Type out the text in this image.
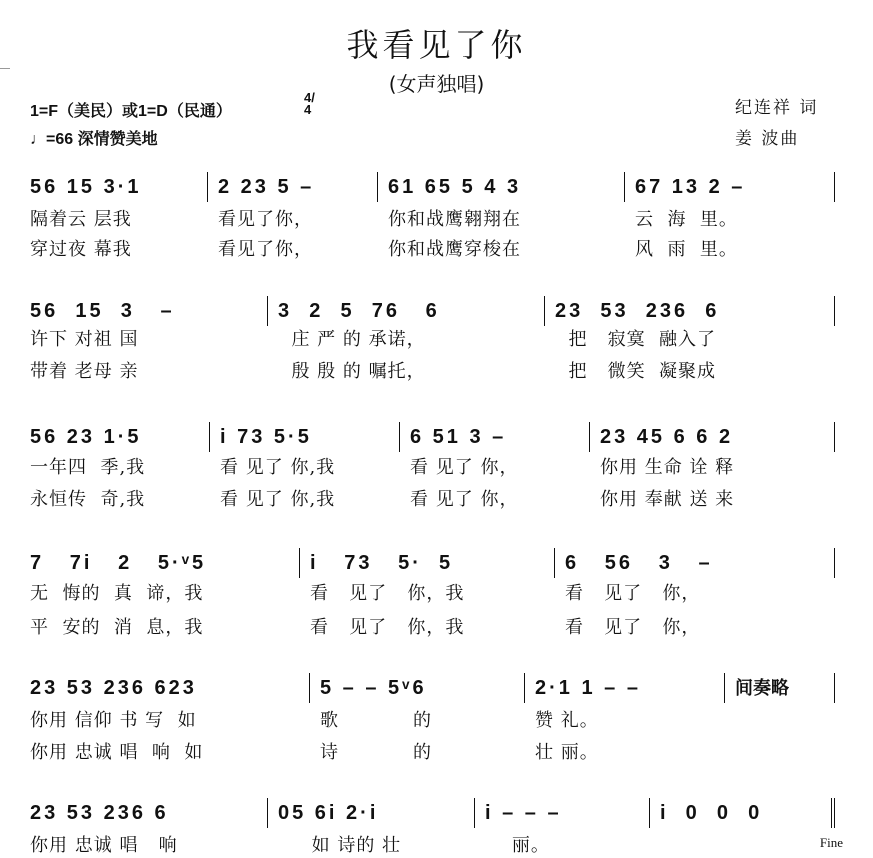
我看见了你
(女声独唱)
1=F（美民）或1=D（民通）
4/4
♩=66 深情赞美地
纪连祥 词
姜 波曲
56 15 3·1	2 23 5 –	61 65 5 4 3	67 13 2 –
隔着云 层我	看见了你，	你和战鹰翱翔在	云  海  里。
穿过夜 幕我	看见了你，	你和战鹰穿梭在	风  雨  里。
56  15  3   –	3  2  5  76   6	23  53  236  6
许下 对祖 国	庄 严 的 承诺，	把   寂寞  融入了
带着 老母 亲	殷 殷 的 嘱托，	把   微笑  凝聚成
56 23 1·5	i 73 5·5	6 51 3 –	23 45 6 6 2
一年四  季,我	看 见了 你,我	看 见了 你，	你用 生命 诠 释
永恒传  奇,我	看 见了 你,我	看 见了 你，	你用 奉献 送 来
7   7i   2   5·ᵛ5	i   73   5·  5	6   56   3   –
无  悔的  真  谛，我	看   见了   你，我	看   见了   你，
平  安的  消  息，我	看   见了   你，我	看   见了   你，
23 53 236 623	5 – – 5ᵛ6	2·1 1 – –	间奏略
你用 信仰 书 写  如	歌           的	赞 礼。
你用 忠诚 唱  响  如	诗           的	壮 丽。
23 53 236 6	05 6i 2·i	i – – –	i  0  0  0
你用 忠诚 唱   响	如 诗的 壮	丽。	Fine
